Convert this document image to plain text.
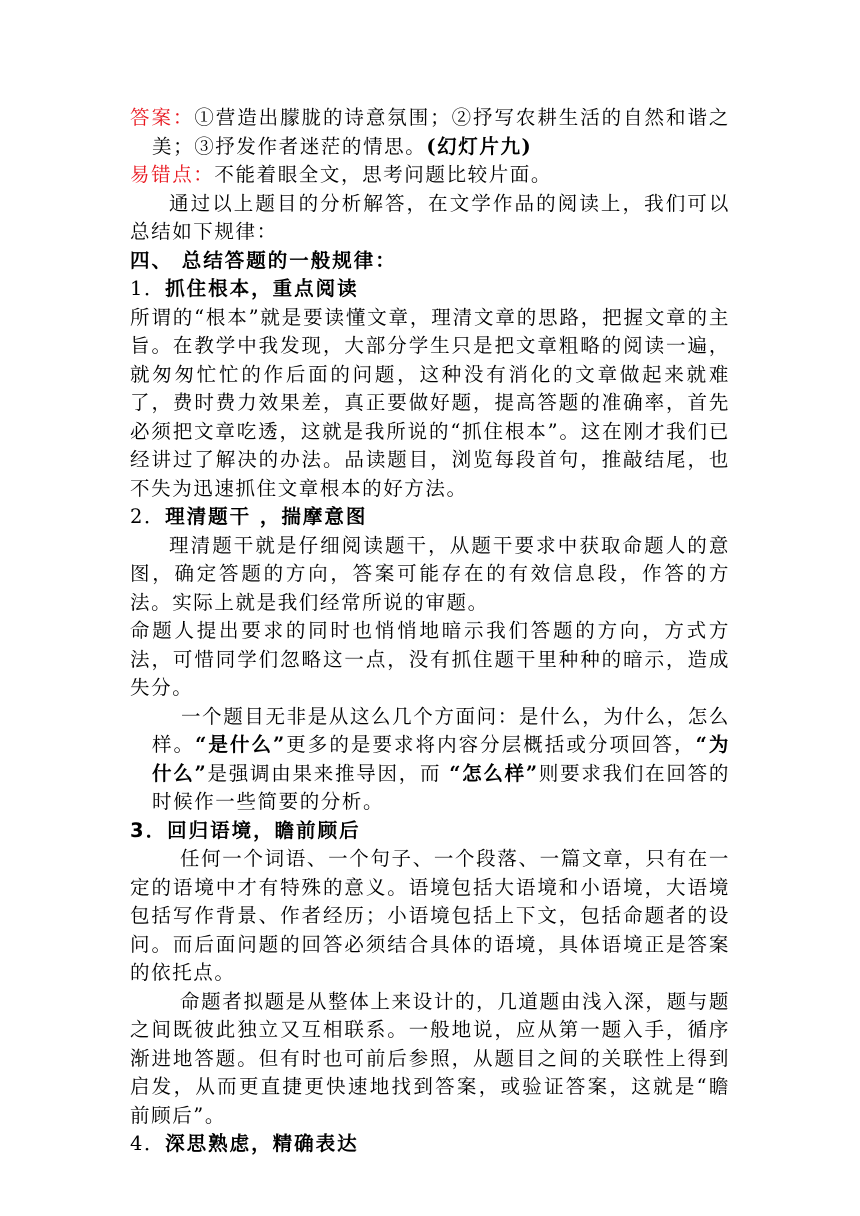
答案：①营造出朦胧的诗意氛围；②抒写农耕生活的自然和谐之美；③抒发作者迷茫的情思。(幻灯片九)

易错点：不能着眼全文，思考问题比较片面。

通过以上题目的分析解答，在文学作品的阅读上，我们可以总结如下规律：

四、 总结答题的一般规律：

1．抓住根本，重点阅读

所谓的“根本”就是要读懂文章，理清文章的思路，把握文章的主旨。在教学中我发现，大部分学生只是把文章粗略的阅读一遍，就匆匆忙忙的作后面的问题，这种没有消化的文章做起来就难了，费时费力效果差，真正要做好题，提高答题的准确率，首先必须把文章吃透，这就是我所说的“抓住根本”。这在刚才我们已经讲过了解决的办法。品读题目，浏览每段首句，推敲结尾，也不失为迅速抓住文章根本的好方法。

2．理清题干 ，揣摩意图

理清题干就是仔细阅读题干，从题干要求中获取命题人的意图，确定答题的方向，答案可能存在的有效信息段，作答的方法。实际上就是我们经常所说的审题。

命题人提出要求的同时也悄悄地暗示我们答题的方向，方式方法，可惜同学们忽略这一点，没有抓住题干里种种的暗示，造成失分。

一个题目无非是从这么几个方面问：是什么，为什么，怎么样。“是什么”更多的是要求将内容分层概括或分项回答，“为什么”是强调由果来推导因，而 “怎么样”则要求我们在回答的时候作一些简要的分析。

3．回归语境，瞻前顾后

任何一个词语、一个句子、一个段落、一篇文章，只有在一定的语境中才有特殊的意义。语境包括大语境和小语境，大语境包括写作背景、作者经历；小语境包括上下文，包括命题者的设问。而后面问题的回答必须结合具体的语境，具体语境正是答案的依托点。

命题者拟题是从整体上来设计的，几道题由浅入深，题与题之间既彼此独立又互相联系。一般地说，应从第一题入手，循序渐进地答题。但有时也可前后参照，从题目之间的关联性上得到启发，从而更直捷更快速地找到答案，或验证答案，这就是“瞻前顾后”。

4．深思熟虑，精确表达
